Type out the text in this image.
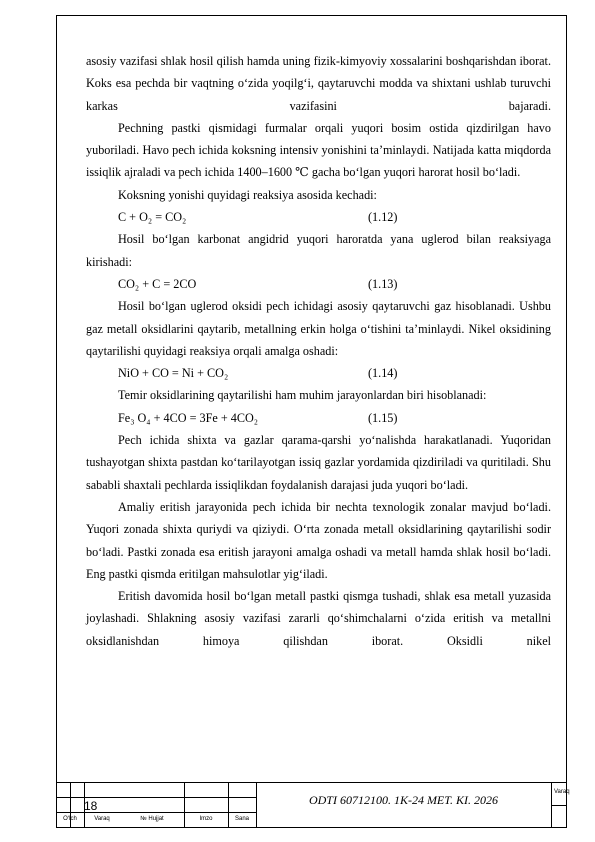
asosiy vazifasi shlak hosil qilish hamda uning fizik-kimyoviy xossalarini boshqarishdan iborat. Koks esa pechda bir vaqtning o‘zida yoqilg‘i, qaytaruvchi modda va shixtani ushlab turuvchi karkas vazifasini bajaradi.

Pechning pastki qismidagi furmalar orqali yuqori bosim ostida qizdirilgan havo yuboriladi. Havo pech ichida koksning intensiv yonishini ta’minlaydi. Natijada katta miqdorda issiqlik ajraladi va pech ichida 1400–1600 ℃ gacha bo‘lgan yuqori harorat hosil bo‘ladi.

Koksning yonishi quyidagi reaksiya asosida kechadi:

C + O₂ = CO₂	(1.12)

Hosil bo‘lgan karbonat angidrid yuqori haroratda yana uglerod bilan reaksiyaga kirishadi:

CO₂ + C = 2CO	(1.13)

Hosil bo‘lgan uglerod oksidi pech ichidagi asosiy qaytaruvchi gaz hisoblanadi. Ushbu gaz metall oksidlarini qaytarib, metallning erkin holga o‘tishini ta’minlaydi. Nikel oksidining qaytarilishi quyidagi reaksiya orqali amalga oshadi:

NiO + CO = Ni + CO₂	(1.14)

Temir oksidlarining qaytarilishi ham muhim jarayonlardan biri hisoblanadi:

Fe₃ O₄ + 4CO = 3Fe + 4CO₂	(1.15)

Pech ichida shixta va gazlar qarama-qarshi yo‘nalishda harakatlanadi. Yuqoridan tushayotgan shixta pastdan ko‘tarilayotgan issiq gazlar yordamida qizdiriladi va quritiladi. Shu sababli shaxtali pechlarda issiqlikdan foydalanish darajasi juda yuqori bo‘ladi.

Amaliy eritish jarayonida pech ichida bir nechta texnologik zonalar mavjud bo‘ladi. Yuqori zonada shixta quriydi va qiziydi. O‘rta zonada metall oksidlarining qaytarilishi sodir bo‘ladi. Pastki zonada esa eritish jarayoni amalga oshadi va metall hamda shlak hosil bo‘ladi. Eng pastki qismda eritilgan mahsulotlar yig‘iladi.

Eritish davomida hosil bo‘lgan metall pastki qismga tushadi, shlak esa metall yuzasida joylashadi. Shlakning asosiy vazifasi zararli qo‘shimchalarni o‘zida eritish va metallni oksidlanishdan himoya qilishdan iborat. Oksidli nikel

18	ODTI 60712100. 1K-24 MET. KI. 2026
Varaq
O‘lch	Varaq	№ Hujjat	Imzo	Sana
